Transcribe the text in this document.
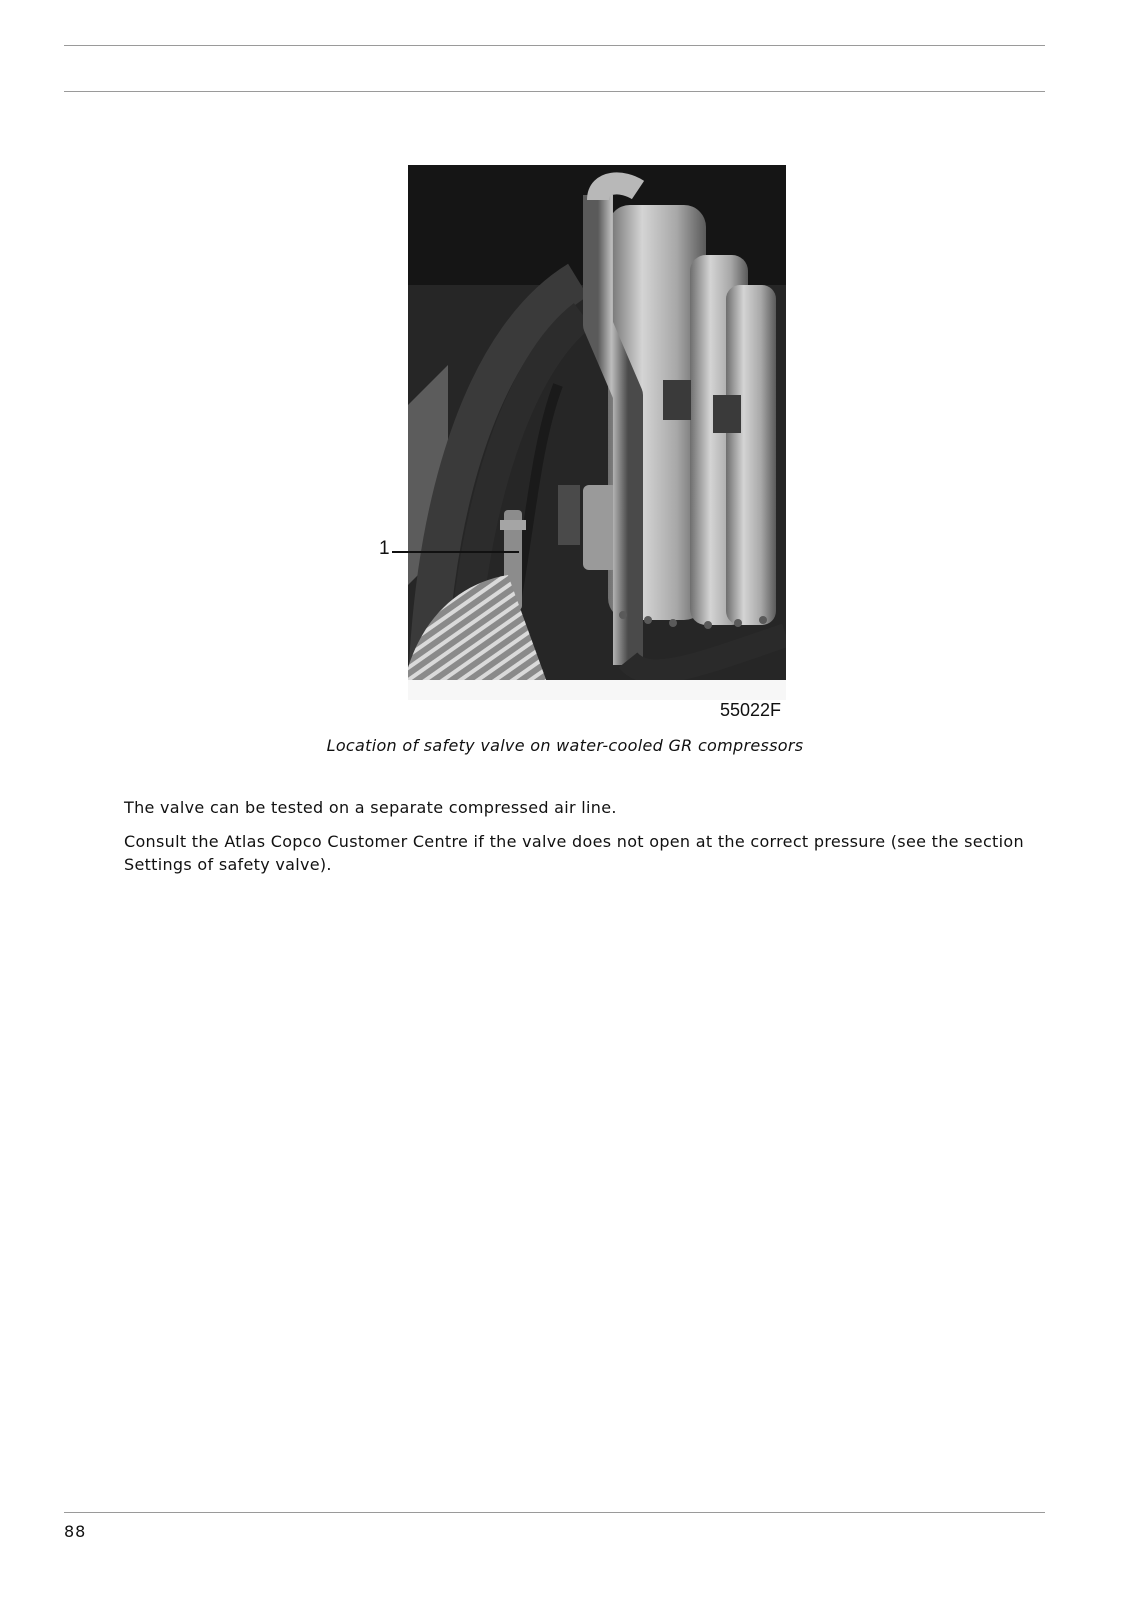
1
55022F
Location of safety valve on water-cooled GR compressors
The valve can be tested on a separate compressed air line.
Consult the Atlas Copco Customer Centre if the valve does not open at the correct pressure (see the section Settings of safety valve).
88
